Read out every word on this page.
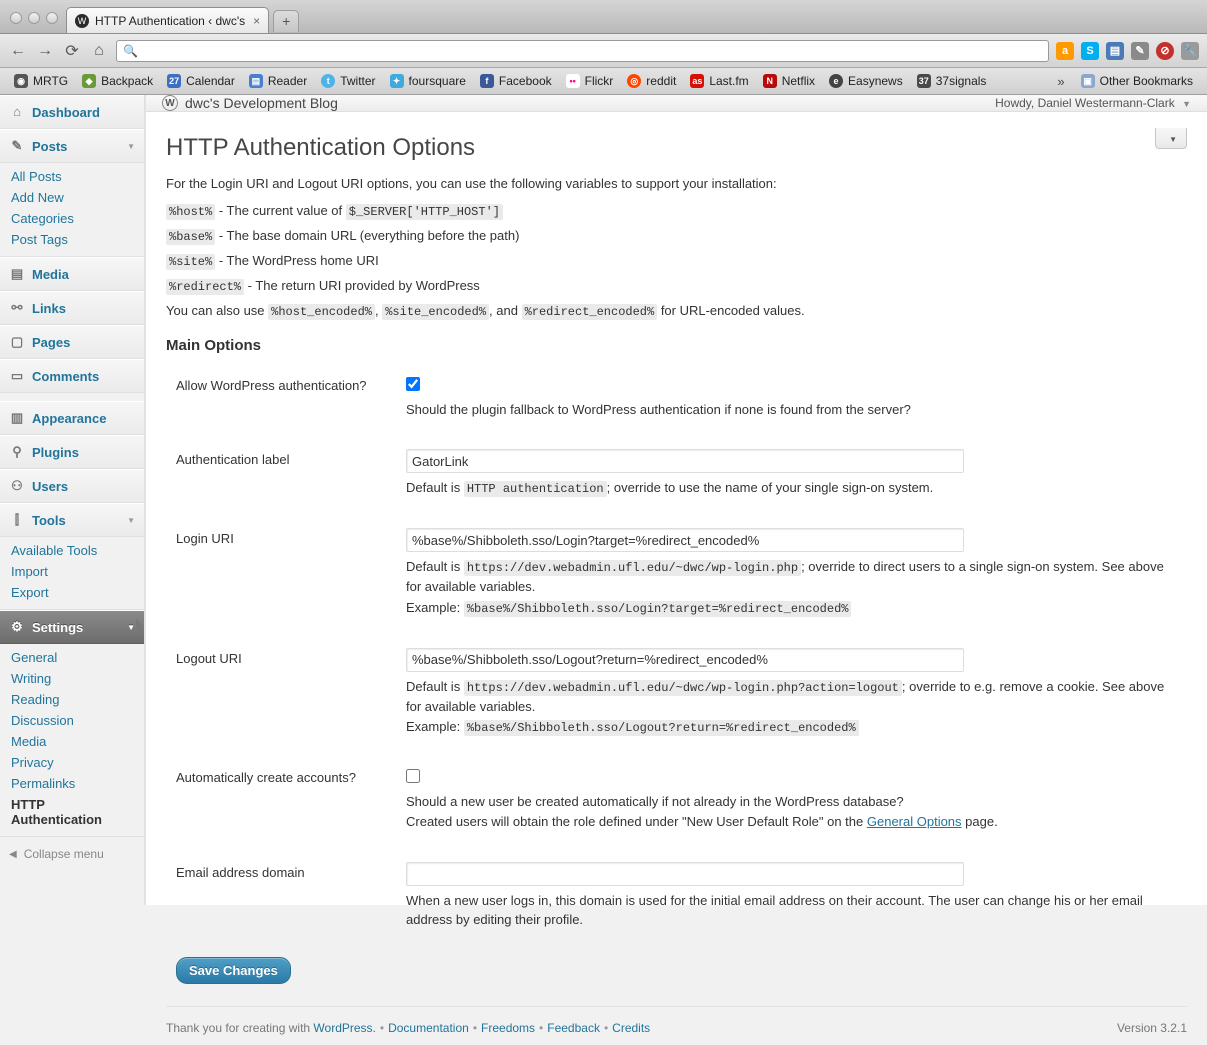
W HTTP Authentication ‹ dwc's ×	+
← → ⟳ ⌂	🔍	a	S	▤	✎	⊘	🔧
◉ MRTG	◆ Backpack 27 Calendar	▤ Reader	t Twitter	✦ foursquare	f Facebook	•• Flickr	◎ reddit as Last.fm	N Netflix	e Easynews 37 37signals	»	▣ Other Bookmarks
⌂ Dashboard
✎ Posts	▼
All Posts
Add New
Categories
Post Tags
▤ Media
⚯ Links
▢ Pages
▭ Comments
▥ Appearance
⚲ Plugins
⚇ Users
⫿ Tools	▼
Available Tools
Import
Export
⚙ Settings	▼
General
Writing
Reading
Discussion
Media
Privacy
Permalinks
HTTP Authentication
◀ Collapse menu
W dwc's Development Blog	Howdy, Daniel Westermann-Clark ▼
▼
HTTP Authentication Options

For the Login URI and Logout URI options, you can use the following variables to support your installation:

%host% - The current value of $_SERVER['HTTP_HOST']
%base% - The base domain URL (everything before the path)
%site% - The WordPress home URI
%redirect% - The return URI provided by WordPress

You can also use %host_encoded% , %site_encoded% , and %redirect_encoded% for URL-encoded values.

Main Options
Allow WordPress authentication?	Should the plugin fallback to WordPress authentication if none is found from the server?

Authentication label	GatorLink
Default is HTTP authentication ; override to use the name of your single sign-on system.

Login URI	%base%/Shibboleth.sso/Login?target=%redirect_encoded%
Default is https://dev.webadmin.ufl.edu/~dwc/wp-login.php ; override to direct users to a single sign-on system. See above for available variables.
Example: %base%/Shibboleth.sso/Login?target=%redirect_encoded%

Logout URI	%base%/Shibboleth.sso/Logout?return=%redirect_encoded%
Default is https://dev.webadmin.ufl.edu/~dwc/wp-login.php?action=logout ; override to e.g. remove a cookie. See above for available variables.
Example: %base%/Shibboleth.sso/Logout?return=%redirect_encoded%

Automatically create accounts?	Should a new user be created automatically if not already in the WordPress database?
Created users will obtain the role defined under "New User Default Role" on the General Options page.

Email address domain	When a new user logs in, this domain is used for the initial email address on their account. The user can change his or her email address by editing their profile.
Save Changes
Thank you for creating with WordPress. • Documentation • Freedoms • Feedback • Credits	Version 3.2.1
